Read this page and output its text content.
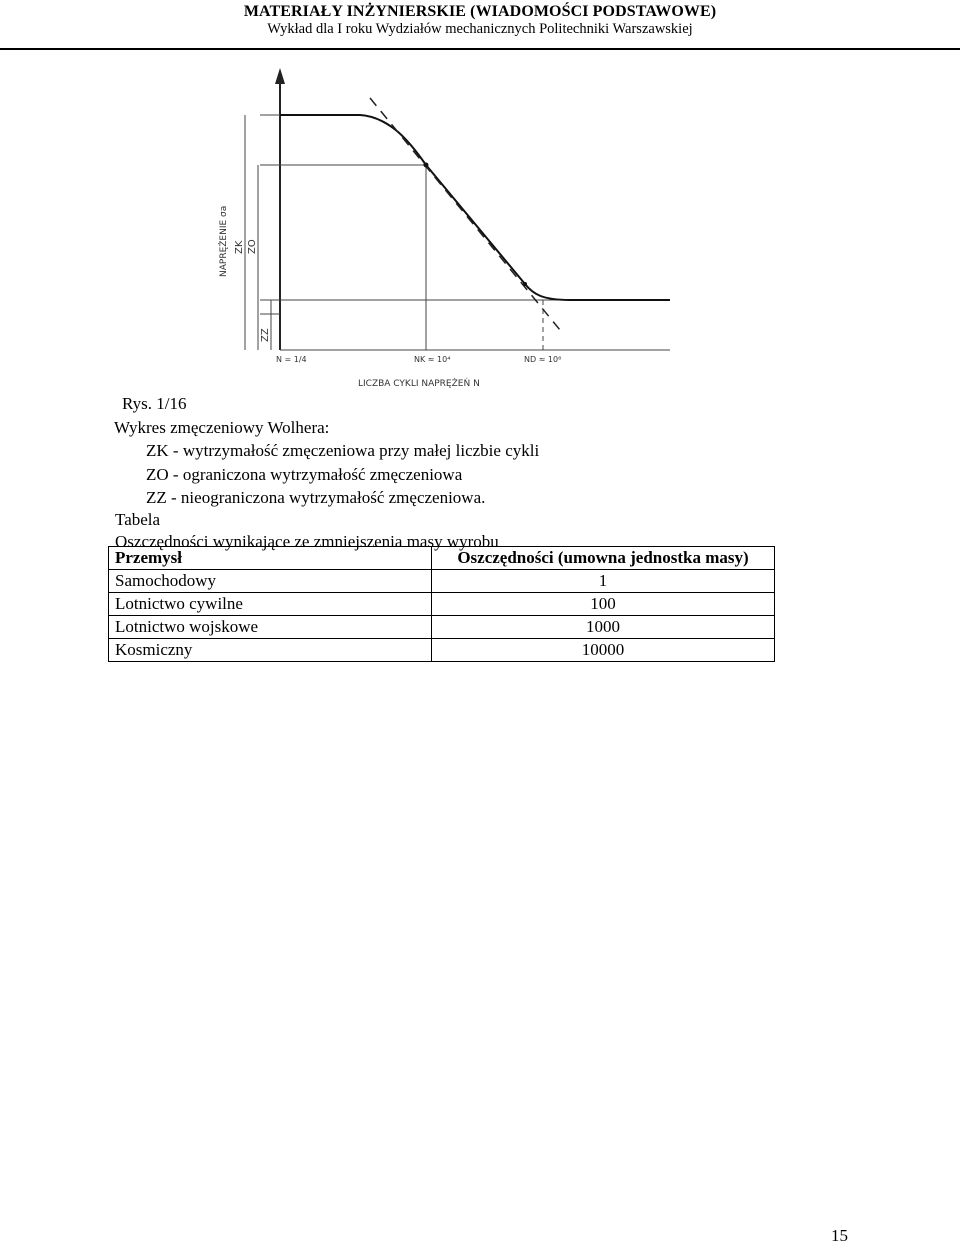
MATERIAŁY INŻYNIERSKIE (WIADOMOŚCI PODSTAWOWE)
Wykład dla I roku Wydziałów mechanicznych Politechniki Warszawskiej
NAPRĘŻENIE σa ZK ZO
ZZ
N = 1/4	NK ≈ 10⁴	ND ≈ 10⁶
LICZBA CYKLI NAPRĘŻEŃ N
Rys. 1/16
Wykres zmęczeniowy Wolhera:
ZK - wytrzymałość zmęczeniowa przy małej liczbie cykli
ZO - ograniczona wytrzymałość zmęczeniowa
ZZ - nieograniczona wytrzymałość zmęczeniowa.
Tabela
Oszczędności wynikające ze zmniejszenia masy wyrobu
Przemysł	Oszczędności (umowna jednostka masy)
Samochodowy	1
Lotnictwo cywilne	100
Lotnictwo wojskowe	1000
Kosmiczny	10000
15
